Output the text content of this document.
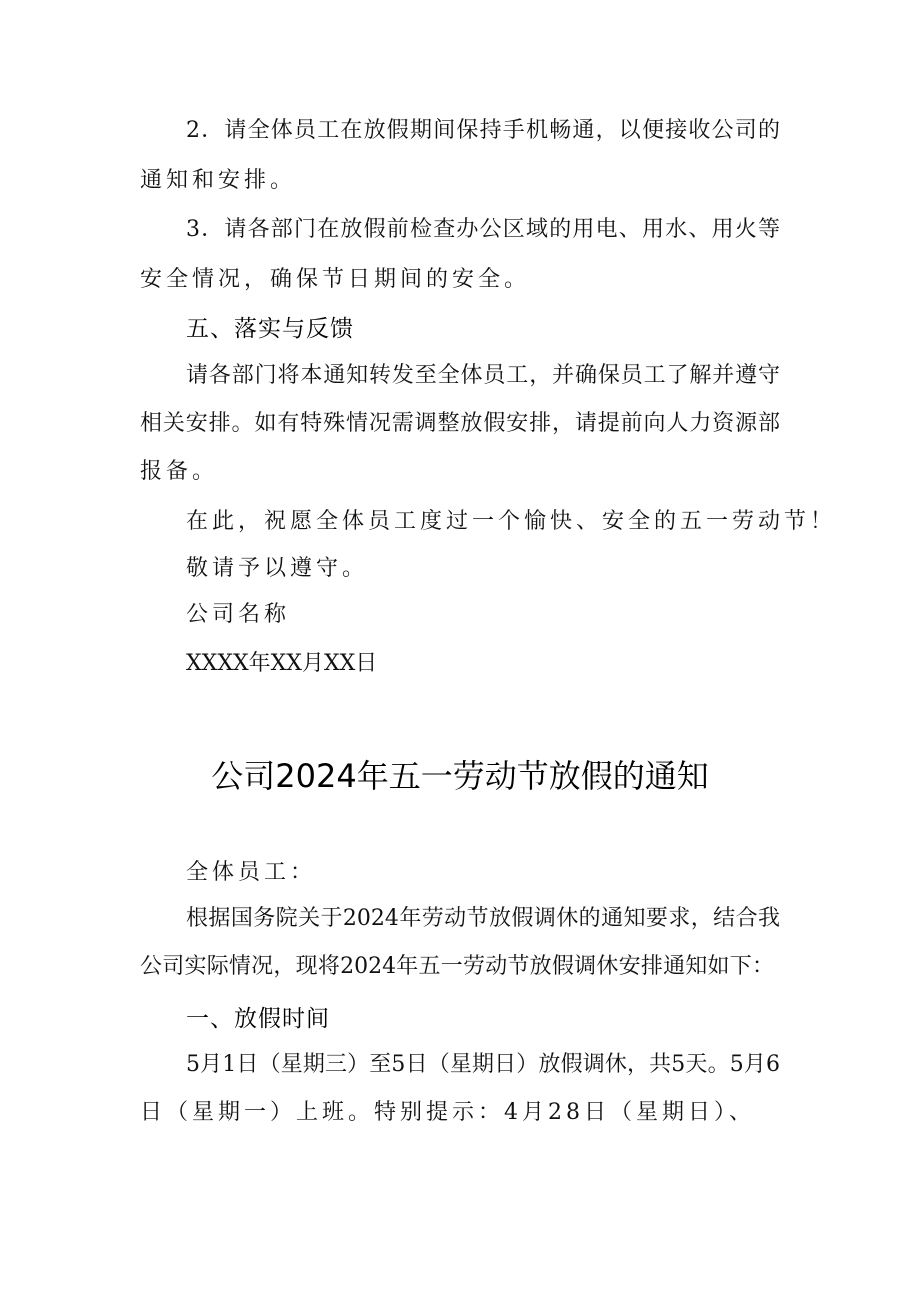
2．请全体员工在放假期间保持手机畅通，以便接收公司的
通知和安排。
3．请各部门在放假前检查办公区域的用电、用水、用火等
安全情况，确保节日期间的安全。
五、落实与反馈
请各部门将本通知转发至全体员工，并确保员工了解并遵守
相关安排。如有特殊情况需调整放假安排，请提前向人力资源部
报备。
在此，祝愿全体员工度过一个愉快、安全的五一劳动节！
敬请予以遵守。
公司名称
XXXX年XX月XX日
公司2024年五一劳动节放假的通知
全体员工：
根据国务院关于2024年劳动节放假调休的通知要求，结合我
公司实际情况，现将2024年五一劳动节放假调休安排通知如下：
一、放假时间
5月1日（星期三）至5日（星期日）放假调休，共5天。5月6
日（星期一）上班。特别提示：4月28日（星期日）、
